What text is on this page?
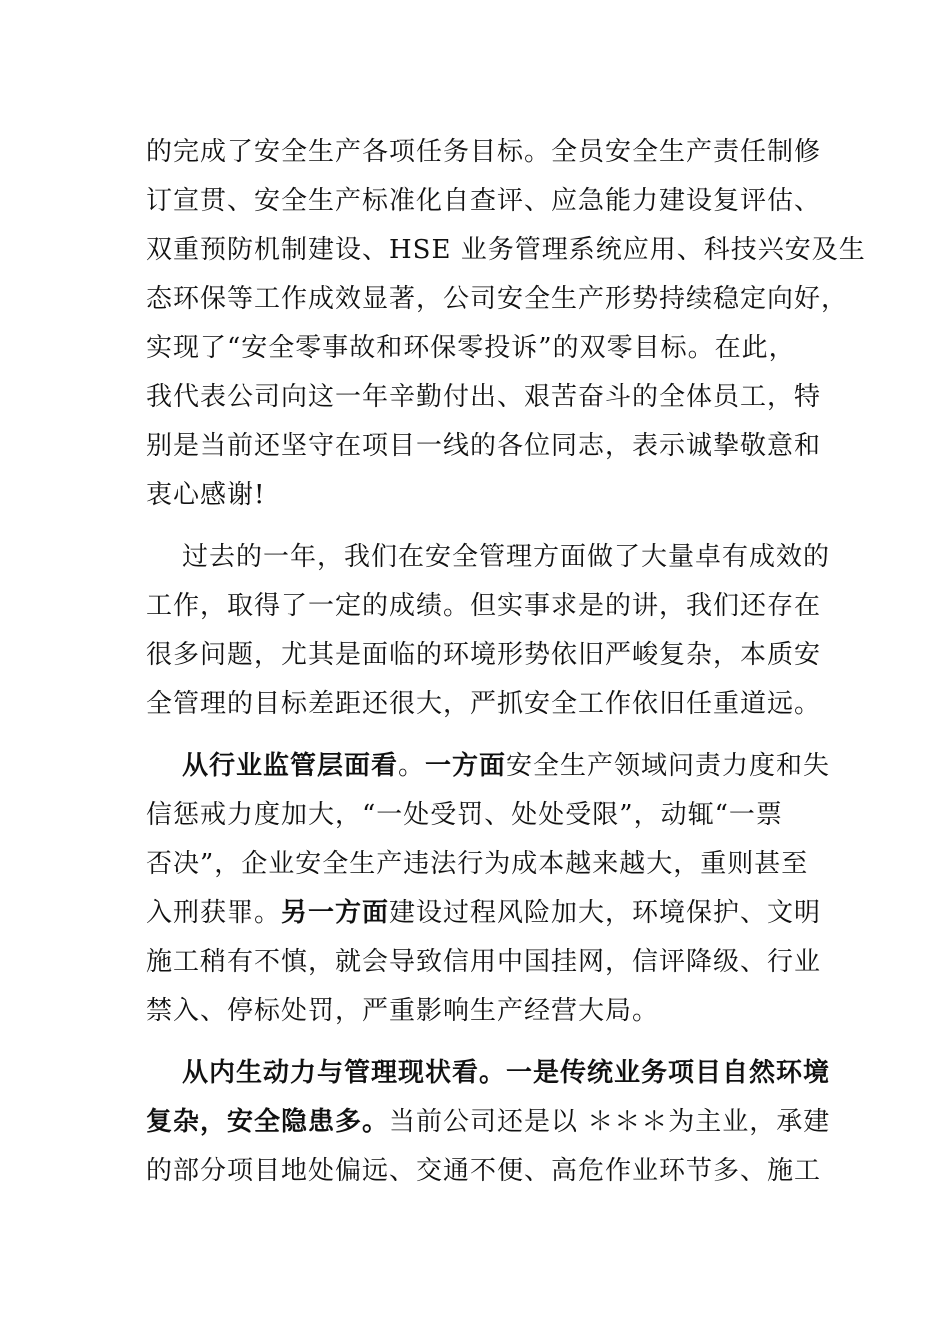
的完成了安全生产各项任务目标。全员安全生产责任制修
订宣贯、安全生产标准化自查评、应急能力建设复评估、
双重预防机制建设、HSE 业务管理系统应用、科技兴安及生
态环保等工作成效显著，公司安全生产形势持续稳定向好，
实现了“安全零事故和环保零投诉”的双零目标。在此，
我代表公司向这一年辛勤付出、艰苦奋斗的全体员工，特
别是当前还坚守在项目一线的各位同志，表示诚挚敬意和
衷心感谢!
过去的一年，我们在安全管理方面做了大量卓有成效的
工作，取得了一定的成绩。但实事求是的讲，我们还存在
很多问题，尤其是面临的环境形势依旧严峻复杂，本质安
全管理的目标差距还很大，严抓安全工作依旧任重道远。
从行业监管层面看。一方面安全生产领域问责力度和失
信惩戒力度加大，“一处受罚、处处受限”，动辄“一票
否决”，企业安全生产违法行为成本越来越大，重则甚至
入刑获罪。另一方面建设过程风险加大，环境保护、文明
施工稍有不慎，就会导致信用中国挂网，信评降级、行业
禁入、停标处罚，严重影响生产经营大局。
从内生动力与管理现状看。一是传统业务项目自然环境
复杂，安全隐患多。当前公司还是以 ＊＊＊为主业，承建
的部分项目地处偏远、交通不便、高危作业环节多、施工
